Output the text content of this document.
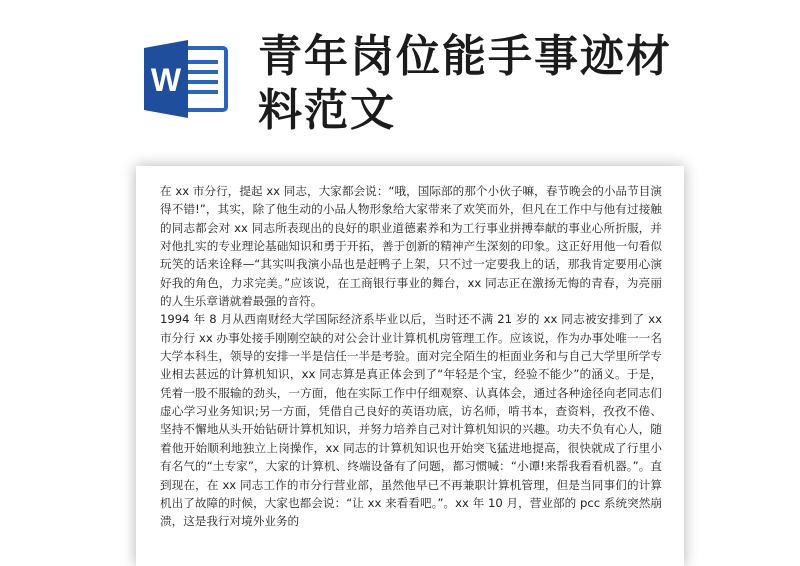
W 青年岗位能手事迹材料范文

在 xx 市分行，提起 xx 同志，大家都会说：“哦，国际部的那个小伙子嘛，春节晚会的小品节目演得不错!”，其实，除了他生动的小品人物形象给大家带来了欢笑而外，但凡在工作中与他有过接触的同志都会对 xx 同志所表现出的良好的职业道德素养和为工行事业拼搏奉献的事业心所折服，并对他扎实的专业理论基础知识和勇于开拓，善于创新的精神产生深刻的印象。这正好用他一句看似玩笑的话来诠释—“其实叫我演小品也是赶鸭子上架，只不过一定要我上的话，那我肯定要用心演好我的角色，力求完美。”应该说，在工商银行事业的舞台，xx 同志正在激扬无悔的青春，为亮丽的人生乐章谱就着最强的音符。

1994 年 8 月从西南财经大学国际经济系毕业以后，当时还不满 21 岁的 xx 同志被安排到了 xx 市分行 xx 办事处接手刚刚空缺的对公会计业计算机机房管理工作。应该说，作为办事处唯一一名大学本科生，领导的安排一半是信任一半是考验。面对完全陌生的柜面业务和与自己大学里所学专业相去甚远的计算机知识，xx 同志算是真正体会到了“年轻是个宝，经验不能少”的涵义。于是，凭着一股不服输的劲头，一方面，他在实际工作中仔细观察、认真体会，通过各种途径向老同志们虚心学习业务知识;另一方面，凭借自己良好的英语功底，访名师，啃书本，查资料，孜孜不倦、坚持不懈地从头开始钻研计算机知识，并努力培养自己对计算机知识的兴趣。功夫不负有心人，随着他开始顺利地独立上岗操作，xx 同志的计算机知识也开始突飞猛进地提高，很快就成了行里小有名气的“土专家”，大家的计算机、终端设备有了问题，都习惯喊：“小谭!来帮我看看机器。”。直到现在，在 xx 同志工作的市分行营业部，虽然他早已不再兼职计算机管理，但是当同事们的计算机出了故障的时候，大家也都会说：“让 xx 来看看吧。”。xx 年 10 月，营业部的 pcc 系统突然崩溃，这是我行对境外业务的
